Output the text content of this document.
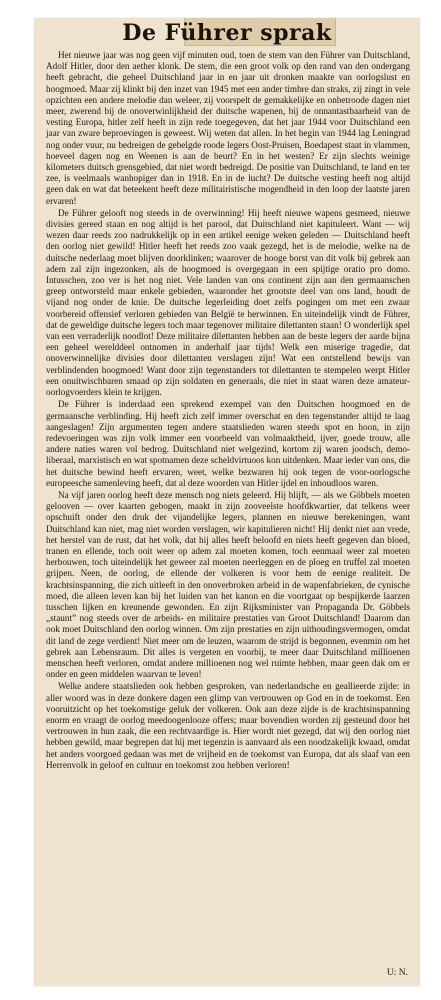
De Führer sprak

Het nieuwe jaar was nog geen vijf minuten oud, toen de stem van den Führer van Duitschland, Adolf Hitler, door den aether klonk. De stem, die een groot volk op den rand van den ondergang heeft gebracht, die geheel Duitschland jaar in en jaar uit dronken maakte van oorlogslust en hoogmoed. Maar zij klinkt bij den inzet van 1945 met een ander timbre dan straks, zij zingt in vele opzichten een andere melodie dan weleer, zij voorspelt de gemakkelijke en onbetroode dagen niet meer, zwerend bij de onoverwinlijkheid der duitsche wapenen, bij de onnantastbaarheid van de vesting Europa, hitler zelf heeft in zijn rede toegegeven, dat het jaar 1944 voor Duitschland een jaar van zware beproevingen is geweest. Wij weten dat allen. In het begin van 1944 lag Leningrad nog onder vuur, nu bedreigen de gebelgde roode legers Oost-Pruisen, Boedapest staat in vlammen, hoeveel dagen nog en Weenen is aan de beurt? En in het westen? Er zijn slechts weinige kilometers duitsch grensgebied, dat niet wordt bedreigd. De positie van Duitschland, te land en ter zee, is veelmaals wanhopiger dan in 1918. En in de lucht? De duitsche vesting heeft nog altijd geen dak en wat dat beteekent heeft deze militairistische mogendheid in den loop der laatste jaren ervaren!

De Führer gelooft nog steeds in de overwinning! Hij heeft nieuwe wapens gesmeed, nieuwe divisies gereed staan en nog altijd is het parool, dat Duitschland niet kapituleert. Want — wij wezen daar reeds zoo nadrukkelijk op in een artikel eenige weken geleden — Duitschland heeft den oorlog niet gewild! Hitler heeft het reeds zoo vaak gezegd, het is de melodie, welke na de duitsche nederlaag moet blijven doorklinken; waarover de hooge borst van dit volk bij gebrek aan adem zal zijn ingezonken, als de hoogmoed is overgegaan in een spijtige oratio pro domo. Intusschen, zoo ver is het nog niet. Vele landen van ons continent zijn aan den germaanschen greep ontworsteld maar enkele gebieden, waaronder het grootste deel van ons land, houdt de vijand nog onder de knie. De duitsche legerleiding doet zelfs pogingen om met een zwaar voorbereid offensief verloren gebieden van België te herwinnen. En uiteindelijk vindt de Führer, dat de geweldige duitsche legers toch maar tegenover militaire dilettanten staan! O wonderlijk spel van een verraderlijk noodlot! Deze militaire dilettanten hebben aan de beste legers der aarde bijna een geheel werelddeel ontnomen in anderhalf jaar tijds! Welk een miserige tragedie, dat onoverwinnelijke divisies door dilettanten verslagen zijn! Wat een ontstellend bewijs van verblindenden hoogmoed! Want door zijn tegenstanders tot dilettanten te stempelen werpt Hitler een onuitwischbaren smaad op zijn soldaten en generaals, die niet in staat waren deze amateur-oorlogvoerders klein te krijgen.

De Führer is inderdaad een sprekend exempel van den Duitschen hoogmoed en de germaansche verblinding. Hij heeft zich zelf immer overschat en den tegenstander altijd te laag aangeslagen! Zijn argumenten tegen andere staatslieden waren steeds spot en hoon, in zijn redevoeringen was zijn volk immer een voorbeeld van volmaaktheid, ijver, goede trouw, alle andere naties waren vol bedrog. Duitschland niet welgezind, kortom zij waren joodsch, demo-liberaal, marxistisch en wat spotnamen deze scheldvirtuoos kon uitdenken. Maar ieder van ons, die het duitsche bewind heeft ervaren, weet, welke bezwaren hij ook tegen de voor-oorlogsche europeesche samenleving heeft, dat al deze woorden van Hitler ijdel en inhoudloos waren.

Na vijf jaren oorlog heeft deze mensch nog niets geleerd. Hij blijft, — als we Göbbels moeten gelooven — over kaarten gebogen, maakt in zijn zooveelste hoofdkwartier, dat telkens weer opschuift onder den druk der vijandelijke legers, plannen en nieuwe berekeningen, want Duitschland kan niet, mag niet worden verslagen, wir kapitulieren nicht! Hij denkt niet aan vrede, het herstel van de rust, dat het volk, dat hij alles heeft beloofd en niets heeft gegeven dan bloed, tranen en ellende, toch ooit weer op adem zal moeten komen, toch eenmaal weer zal moeten herbouwen, toch uiteindelijk het geweer zal moeten neerleggen en de ploeg en truffel zal moeten grijpen. Neen, de oorlog, de ellende der volkeren is voor hem de eenige realiteit. De krachtsinspanning, die zich uitleeft in den onoverbroken arbeid in de wapenfabrieken, de cynische moed, die alleen leven kan bij het luiden van het kanon en die voortgaat op bespijkerde laarzen tusschen lijken en kreunende gewonden. En zijn Rijksminister van Propaganda Dr. Göbbels „staunt” nog steeds over de arbeids- en militaire prestaties van Groot Duitschland! Daarom dan ook moet Duitschland den oorlog winnen. Om zijn prestaties en zijn uithoudingsvermogen, omdat dit land de zege verdient! Niet meer om de leuzen, waarom de strijd is begonnen, evenmin om het gebrek aan Lebensraum. Dit alles is vergeten en voorbij, te meer daar Duitschland millioenen menschen heeft verloren, omdat andere millioenen nog wel ruimte hebben, maar geen dak om er onder en geen middelen waarvan te leven!

Welke andere staatslieden ook hebben gesproken, van nederlandsche en geallieerde zijde: in aller woord was in deze donkere dagen een glimp van vertrouwen op God en in de toekomst. Een vooruitzicht op het toekomstige geluk der volkeren. Ook aan deze zijde is de krachtsinspanning enorm en vraagt de oorlog meedoogenlooze offers; maar bovendien worden zij gesteund door het vertrouwen in hun zaak, die een rechtvaardige is. Hier wordt niet gezegd, dat wij den oorlog niet hebben gewild, maar begrepen dat hij met tegenzin is aanvaard als een noodzakelijk kwaad, omdat het anders voorgoed gedaan was met de vrijheid en de toekomst van Europa, dat als slaaf van een Herrenvolk in geloof en cultuur en toekomst zou hebben verloren!

U: N.
